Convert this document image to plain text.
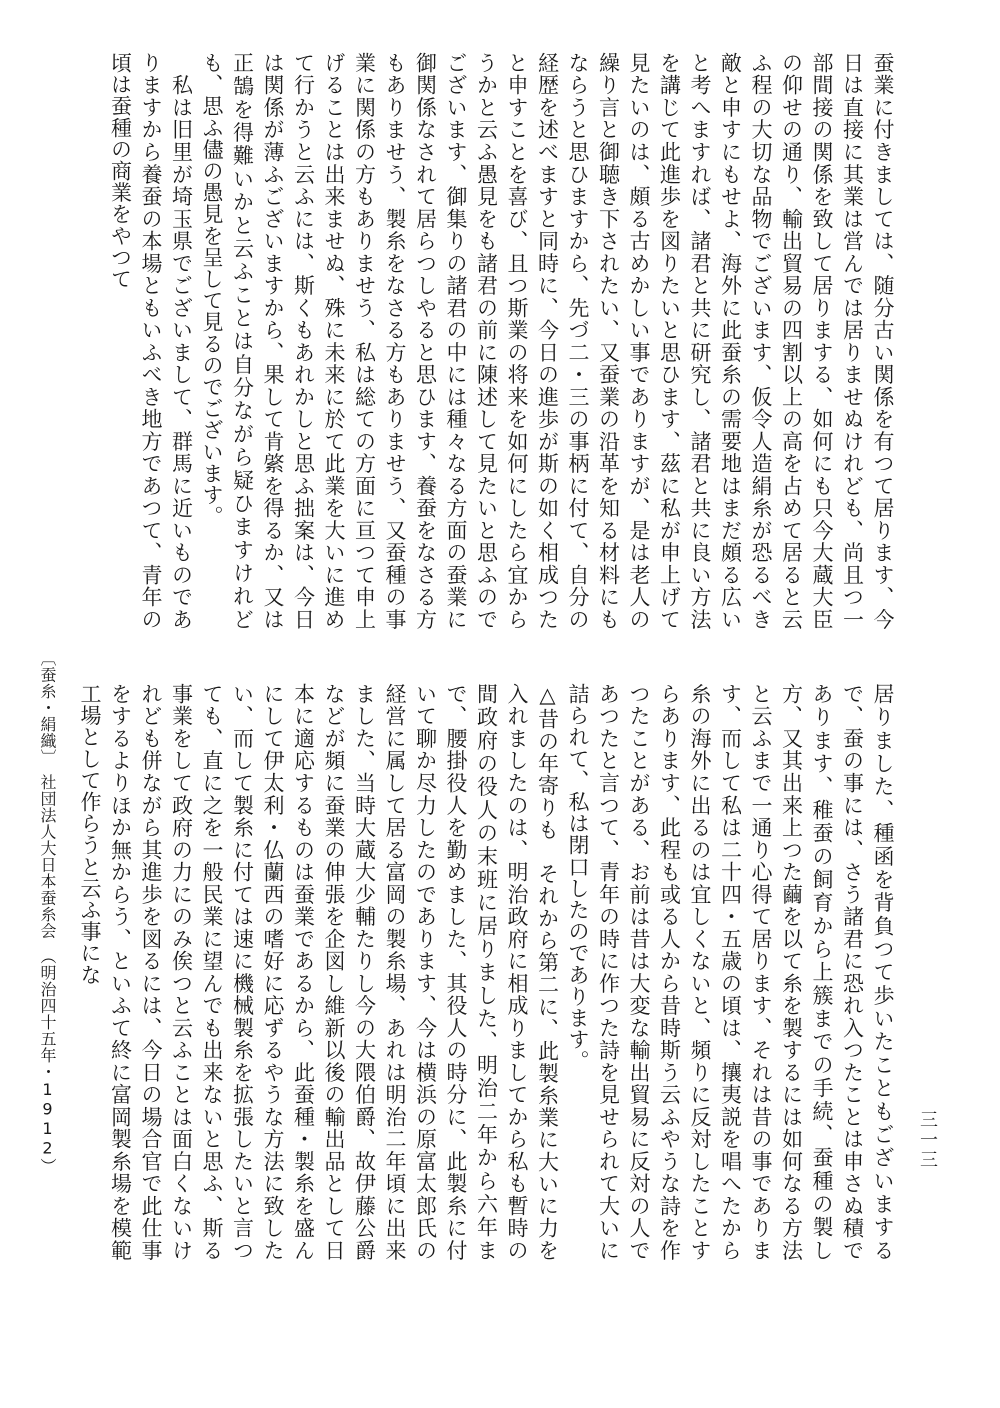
蚕業に付きましては、随分古い関係を有つて居ります、今日は直接に其業は営んでは居りませぬけれども、尚且つ一部間接の関係を致して居りまする、如何にも只今大蔵大臣の仰せの通り、輸出貿易の四割以上の高を占めて居ると云ふ程の大切な品物でございます、仮令人造絹糸が恐るべき敵と申すにもせよ、海外に此蚕糸の需要地はまだ頗る広いと考へますれば、諸君と共に研究し、諸君と共に良い方法を講じて此進歩を図りたいと思ひます、茲に私が申上げて見たいのは、頗る古めかしい事でありますが、是は老人の繰り言と御聴き下されたい、又蚕業の沿革を知る材料にもならうと思ひますから、先づ二・三の事柄に付て、自分の経歴を述べますと同時に、今日の進歩が斯の如く相成つたと申すことを喜び、且つ斯業の将来を如何にしたら宜からうかと云ふ愚見をも諸君の前に陳述して見たいと思ふのでございます、御集りの諸君の中には種々なる方面の蚕業に御関係なされて居らつしやると思ひます、養蚕をなさる方もありませう、製糸をなさる方もありませう、又蚕種の事業に関係の方もありませう、私は総ての方面に亘つて申上げることは出来ませぬ、殊に未来に於て此業を大いに進めて行かうと云ふには、斯くもあれかしと思ふ拙案は、今日は関係が薄ふございますから、果して肯綮を得るか、又は正鵠を得難いかと云ふことは自分ながら疑ひますけれども、思ふ儘の愚見を呈して見るのでございます。
　私は旧里が埼玉県でございまして、群馬に近いものでありますから養蚕の本場ともいふべき地方であつて、青年の頃は蚕種の商業をやつて
居りました、種函を背負つて歩いたこともございまするで、蚕の事には、さう諸君に恐れ入つたことは申さぬ積であります、稚蚕の飼育から上簇までの手続、蚕種の製し方、又其出来上つた繭を以て糸を製するには如何なる方法と云ふまで一通り心得て居ります、それは昔の事であります、而して私は二十四・五歳の頃は、攘夷説を唱へたから糸の海外に出るのは宜しくないと、頻りに反対したことすらあります、此程も或る人から昔時斯う云ふやうな詩を作つたことがある、お前は昔は大変な輸出貿易に反対の人であつたと言つて、青年の時に作つた詩を見せられて大いに詰られて、私は閉口したのであります。
△昔の年寄りも　それから第二に、此製糸業に大いに力を入れましたのは、明治政府に相成りましてから私も暫時の間政府の役人の末班に居りました、明治二年から六年まで、腰掛役人を勤めました、其役人の時分に、此製糸に付いて聊か尽力したのであります、今は横浜の原富太郎氏の経営に属して居る富岡の製糸場、あれは明治二年頃に出来ました、当時大蔵大少輔たりし今の大隈伯爵、故伊藤公爵などが頻に蚕業の伸張を企図し維新以後の輸出品として日本に適応するものは蚕業であるから、此蚕種・製糸を盛んにして伊太利・仏蘭西の嗜好に応ずるやうな方法に致したい、而して製糸に付ては速に機械製糸を拡張したいと言つても、直に之を一般民業に望んでも出来ないと思ふ、斯る事業をして政府の力にのみ俟つと云ふことは面白くないけれども併ながら其進歩を図るには、今日の場合官で此仕事をするよりほか無からう、といふて終に富岡製糸場を模範工場として作らうと云ふ事にな
〔蚕糸・絹織〕
社団法人大日本蚕糸会
（明治四十五年・1912）	三一三
